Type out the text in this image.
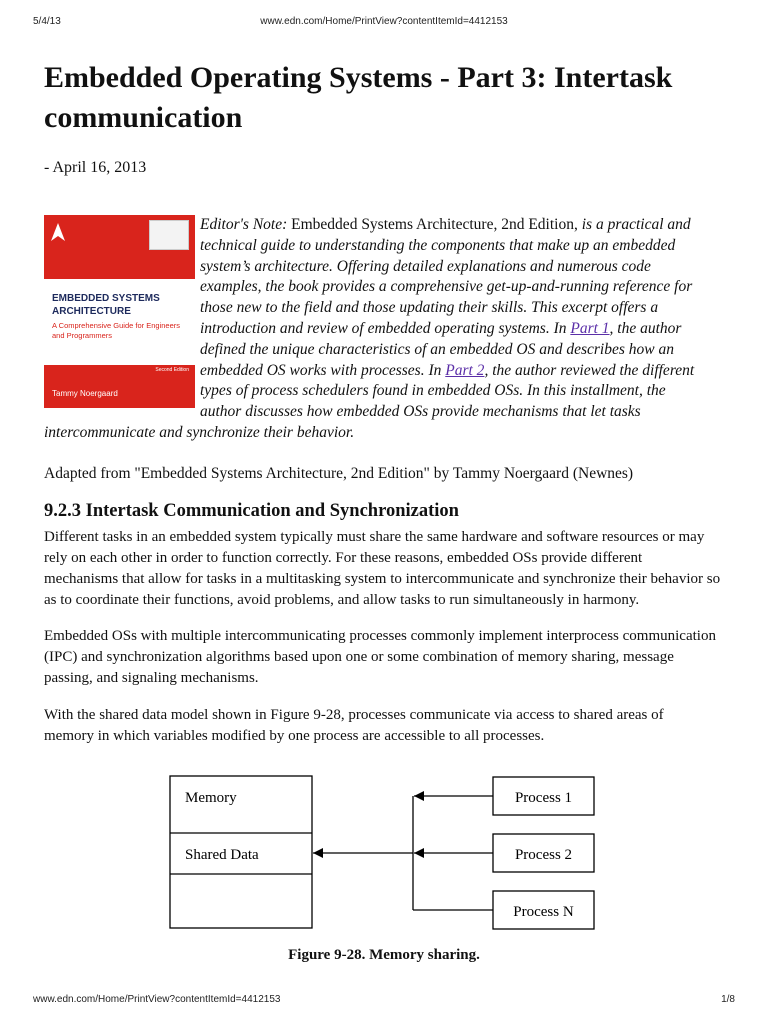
5/4/13	www.edn.com/Home/PrintView?contentItemId=4412153
Embedded Operating Systems - Part 3: Intertask communication
- April 16, 2013
EMBEDDED SYSTEMS ARCHITECTURE
A Comprehensive Guide for Engineers and Programmers
Second Edition
Tammy Noergaard
Editor's Note: Embedded Systems Architecture, 2nd Edition, is a practical and
technical guide to understanding the components that make up an embedded
system’s architecture. Offering detailed explanations and numerous code
examples, the book provides a comprehensive get-up-and-running reference for
those new to the field and those updating their skills. This excerpt offers a
introduction and review of embedded operating systems. In Part 1, the author
defined the unique characteristics of an embedded OS and describes how an
embedded OS works with processes. In Part 2, the author reviewed the different
types of process schedulers found in embedded OSs. In this installment, the
author discusses how embedded OSs provide mechanisms that let tasks
intercommunicate and synchronize their behavior.
Adapted from "Embedded Systems Architecture, 2nd Edition" by Tammy Noergaard (Newnes)
9.2.3 Intertask Communication and Synchronization
Different tasks in an embedded system typically must share the same hardware and software resources or may
rely on each other in order to function correctly. For these reasons, embedded OSs provide different
mechanisms that allow for tasks in a multitasking system to intercommunicate and synchronize their behavior so
as to coordinate their functions, avoid problems, and allow tasks to run simultaneously in harmony.
Embedded OSs with multiple intercommunicating processes commonly implement interprocess communication
(IPC) and synchronization algorithms based upon one or some combination of memory sharing, message
passing, and signaling mechanisms.
With the shared data model shown in Figure 9-28, processes communicate via access to shared areas of
memory in which variables modified by one process are accessible to all processes.
Memory
Shared Data
Process 1
Process 2
Process N
Figure 9-28. Memory sharing.
www.edn.com/Home/PrintView?contentItemId=4412153	1/8
